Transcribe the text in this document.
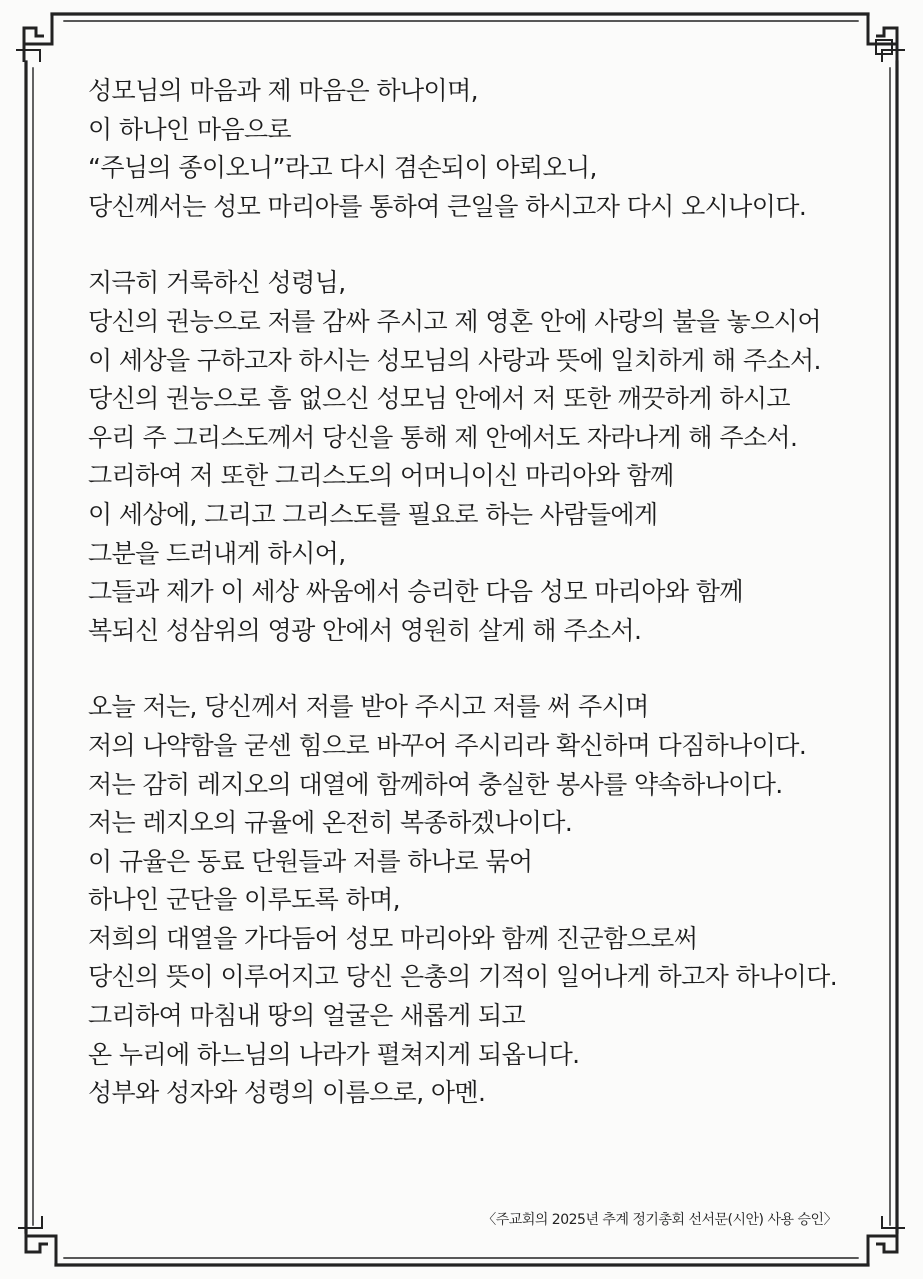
성모님의 마음과 제 마음은 하나이며,
이 하나인 마음으로
“주님의 종이오니”라고 다시 겸손되이 아뢰오니,
당신께서는 성모 마리아를 통하여 큰일을 하시고자 다시 오시나이다.
지극히 거룩하신 성령님,
당신의 권능으로 저를 감싸 주시고 제 영혼 안에 사랑의 불을 놓으시어
이 세상을 구하고자 하시는 성모님의 사랑과 뜻에 일치하게 해 주소서.
당신의 권능으로 흠 없으신 성모님 안에서 저 또한 깨끗하게 하시고
우리 주 그리스도께서 당신을 통해 제 안에서도 자라나게 해 주소서.
그리하여 저 또한 그리스도의 어머니이신 마리아와 함께
이 세상에, 그리고 그리스도를 필요로 하는 사람들에게
그분을 드러내게 하시어,
그들과 제가 이 세상 싸움에서 승리한 다음 성모 마리아와 함께
복되신 성삼위의 영광 안에서 영원히 살게 해 주소서.
오늘 저는, 당신께서 저를 받아 주시고 저를 써 주시며
저의 나약함을 굳센 힘으로 바꾸어 주시리라 확신하며 다짐하나이다.
저는 감히 레지오의 대열에 함께하여 충실한 봉사를 약속하나이다.
저는 레지오의 규율에 온전히 복종하겠나이다.
이 규율은 동료 단원들과 저를 하나로 묶어
하나인 군단을 이루도록 하며,
저희의 대열을 가다듬어 성모 마리아와 함께 진군함으로써
당신의 뜻이 이루어지고 당신 은총의 기적이 일어나게 하고자 하나이다.
그리하여 마침내 땅의 얼굴은 새롭게 되고
온 누리에 하느님의 나라가 펼쳐지게 되옵니다.
성부와 성자와 성령의 이름으로, 아멘.
〈주교회의 2025년 추계 정기총회 선서문(시안) 사용 승인〉
